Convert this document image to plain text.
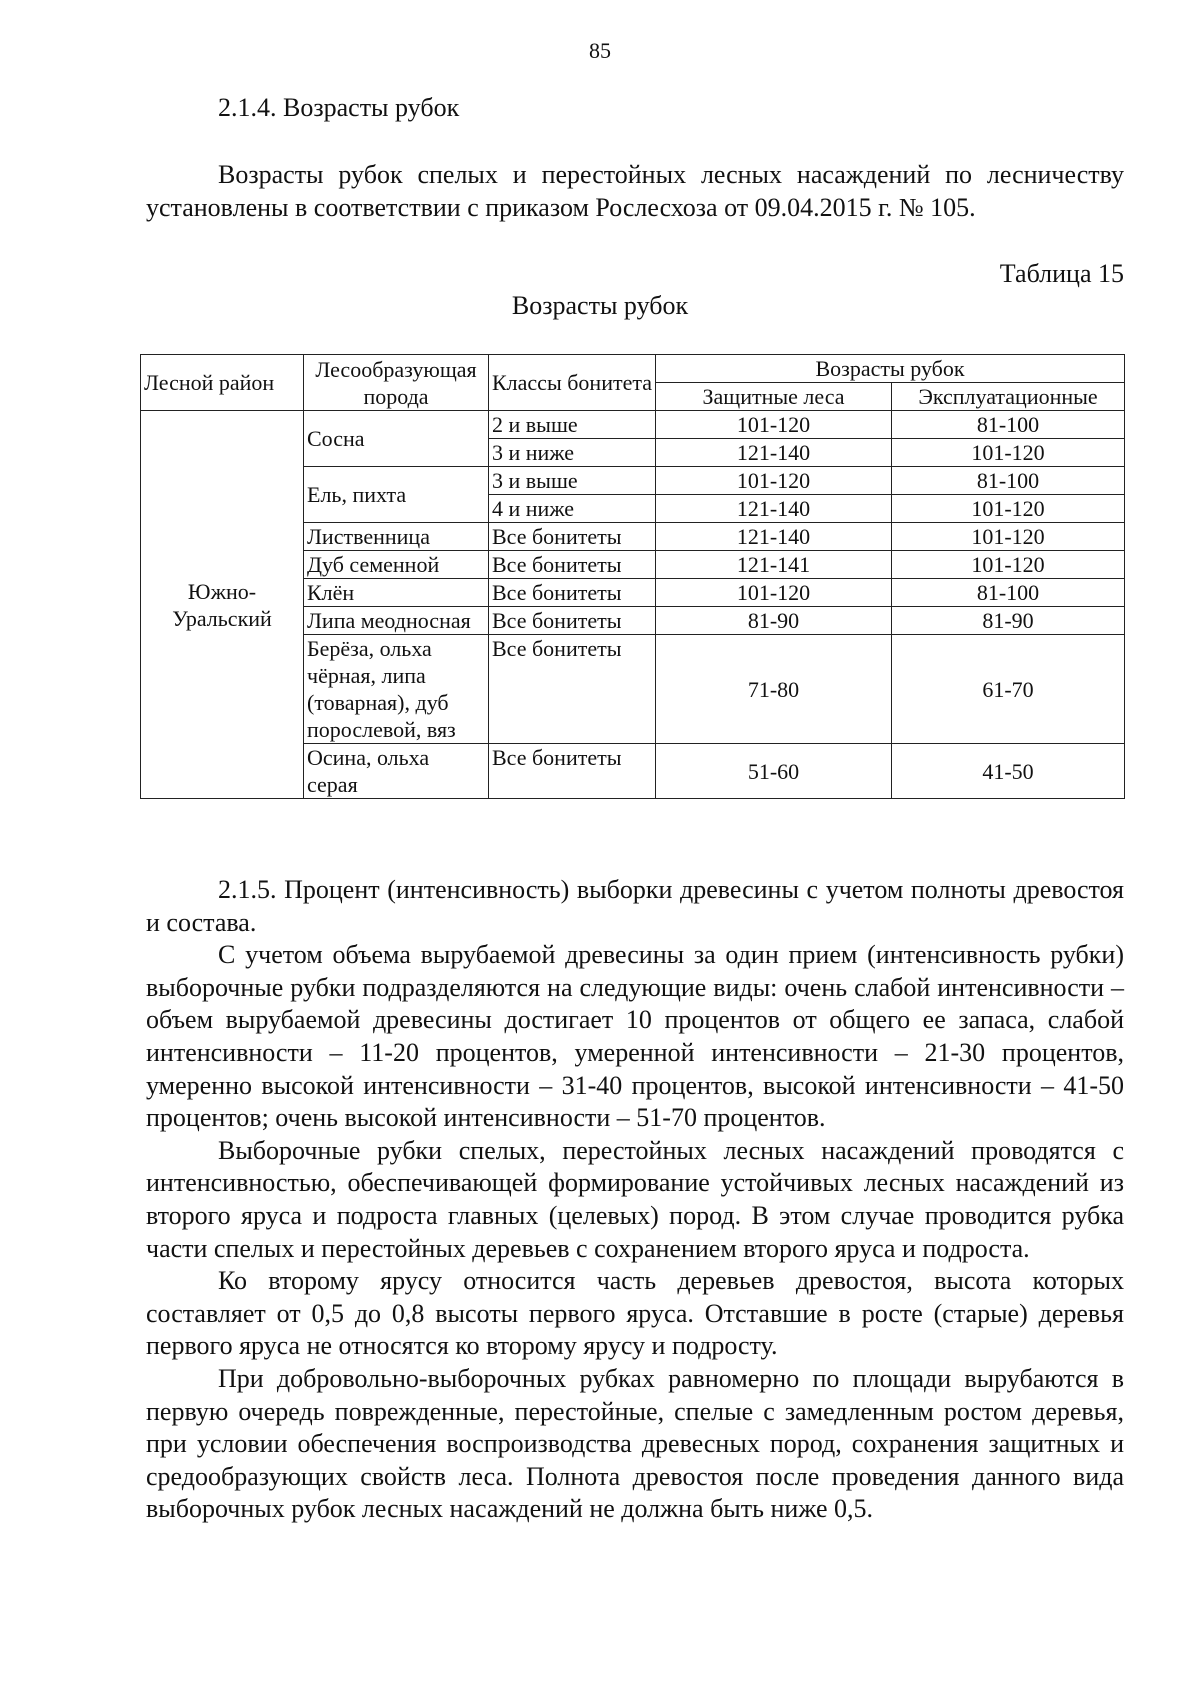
85
2.1.4. Возрасты рубок

Возрасты рубок спелых и перестойных лесных насаждений по лесничеству установлены в соответствии с приказом Рослесхоза от 09.04.2015 г. № 105.

Таблица 15
Возрасты рубок
Лесной район	Лесообразующая порода	Классы бонитета	Возрасты рубок	
			Защитные леса	Эксплуатационные
Южно-Уральский	Сосна	2 и выше	101-120	81-100
		3 и ниже	121-140	101-120
	Ель, пихта	3 и выше	101-120	81-100
		4 и ниже	121-140	101-120
	Лиственница	Все бонитеты	121-140	101-120
	Дуб семенной	Все бонитеты	121-141	101-120
	Клён	Все бонитеты	101-120	81-100
	Липа меодносная	Все бонитеты	81-90	81-90
	Берёза, ольха чёрная, липа (товарная), дуб порослевой, вяз	Все бонитеты	71-80	61-70
	Осина, ольха серая	Все бонитеты	51-60	41-50

2.1.5. Процент (интенсивность) выборки древесины с учетом полноты древостоя и состава.

С учетом объема вырубаемой древесины за один прием (интенсивность рубки) выборочные рубки подразделяются на следующие виды: очень слабой интенсивности – объем вырубаемой древесины достигает 10 процентов от общего ее запаса, слабой интенсивности – 11-20 процентов, умеренной интенсивности – 21-30 процентов, умеренно высокой интенсивности – 31-40 процентов, высокой интенсивности – 41-50 процентов; очень высокой интенсивности – 51-70 процентов.

Выборочные рубки спелых, перестойных лесных насаждений проводятся с интенсивностью, обеспечивающей формирование устойчивых лесных насаждений из второго яруса и подроста главных (целевых) пород. В этом случае проводится рубка части спелых и перестойных деревьев с сохранением второго яруса и подроста.

Ко второму ярусу относится часть деревьев древостоя, высота которых составляет от 0,5 до 0,8 высоты первого яруса. Отставшие в росте (старые) деревья первого яруса не относятся ко второму ярусу и подросту.

При добровольно-выборочных рубках равномерно по площади вырубаются в первую очередь поврежденные, перестойные, спелые с замедленным ростом деревья, при условии обеспечения воспроизводства древесных пород, сохранения защитных и средообразующих свойств леса. Полнота древостоя после проведения данного вида выборочных рубок лесных насаждений не должна быть ниже 0,5.
